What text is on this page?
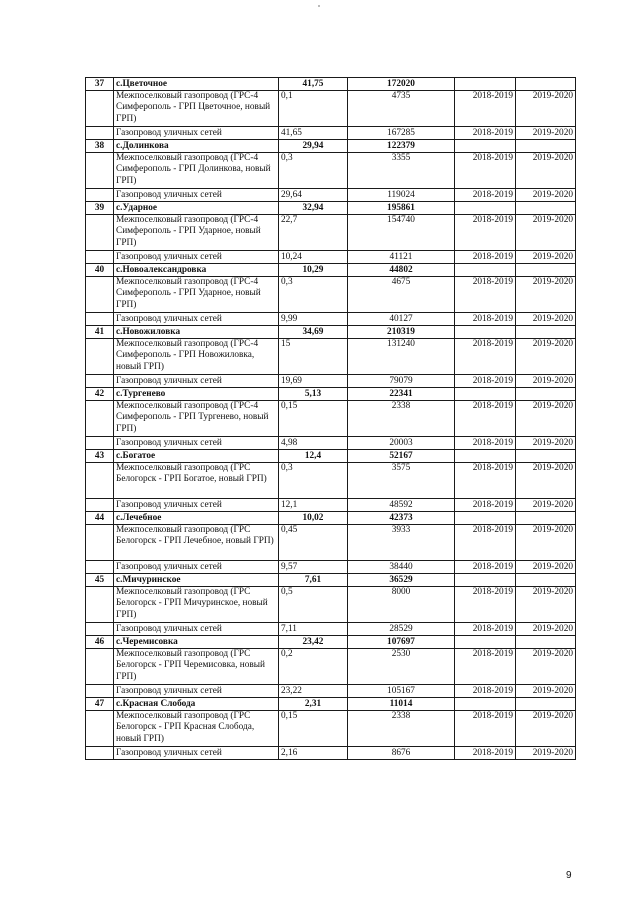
37	с.Цветочное	41,75	172020		
	Межпоселковый газопровод (ГРС-4 Симферополь - ГРП Цветочное, новый ГРП)	0,1	4735	2018-2019	2019-2020
	Газопровод уличных сетей	41,65	167285	2018-2019	2019-2020
38	с.Долинкова	29,94	122379		
	Межпоселковый газопровод (ГРС-4 Симферополь - ГРП Долинкова, новый ГРП)	0,3	3355	2018-2019	2019-2020
	Газопровод уличных сетей	29,64	119024	2018-2019	2019-2020
39	с.Ударное	32,94	195861		
	Межпоселковый газопровод (ГРС-4 Симферополь - ГРП Ударное, новый ГРП)	22,7	154740	2018-2019	2019-2020
	Газопровод уличных сетей	10,24	41121	2018-2019	2019-2020
40	с.Новоалександровка	10,29	44802		
	Межпоселковый газопровод (ГРС-4 Симферополь - ГРП Ударное, новый ГРП)	0,3	4675	2018-2019	2019-2020
	Газопровод уличных сетей	9,99	40127	2018-2019	2019-2020
41	с.Новожиловка	34,69	210319		
	Межпоселковый газопровод (ГРС-4 Симферополь - ГРП Новожиловка, новый ГРП)	15	131240	2018-2019	2019-2020
	Газопровод уличных сетей	19,69	79079	2018-2019	2019-2020
42	с.Тургенево	5,13	22341		
	Межпоселковый газопровод (ГРС-4 Симферополь - ГРП Тургенево, новый ГРП)	0,15	2338	2018-2019	2019-2020
	Газопровод уличных сетей	4,98	20003	2018-2019	2019-2020
43	с.Богатое	12,4	52167		
	Межпоселковый газопровод (ГРС Белогорск - ГРП Богатое, новый ГРП)	0,3	3575	2018-2019	2019-2020
	Газопровод уличных сетей	12,1	48592	2018-2019	2019-2020
44	с.Лечебное	10,02	42373		
	Межпоселковый газопровод (ГРС Белогорск - ГРП Лечебное, новый ГРП)	0,45	3933	2018-2019	2019-2020
	Газопровод уличных сетей	9,57	38440	2018-2019	2019-2020
45	с.Мичуринское	7,61	36529		
	Межпоселковый газопровод (ГРС Белогорск - ГРП Мичуринское, новый ГРП)	0,5	8000	2018-2019	2019-2020
	Газопровод уличных сетей	7,11	28529	2018-2019	2019-2020
46	с.Черемисовка	23,42	107697		
	Межпоселковый газопровод (ГРС Белогорск - ГРП Черемисовка, новый ГРП)	0,2	2530	2018-2019	2019-2020
	Газопровод уличных сетей	23,22	105167	2018-2019	2019-2020
47	с.Красная Слобода	2,31	11014		
	Межпоселковый газопровод (ГРС Белогорск - ГРП Красная Слобода, новый ГРП)	0,15	2338	2018-2019	2019-2020
	Газопровод уличных сетей	2,16	8676	2018-2019	2019-2020
9
